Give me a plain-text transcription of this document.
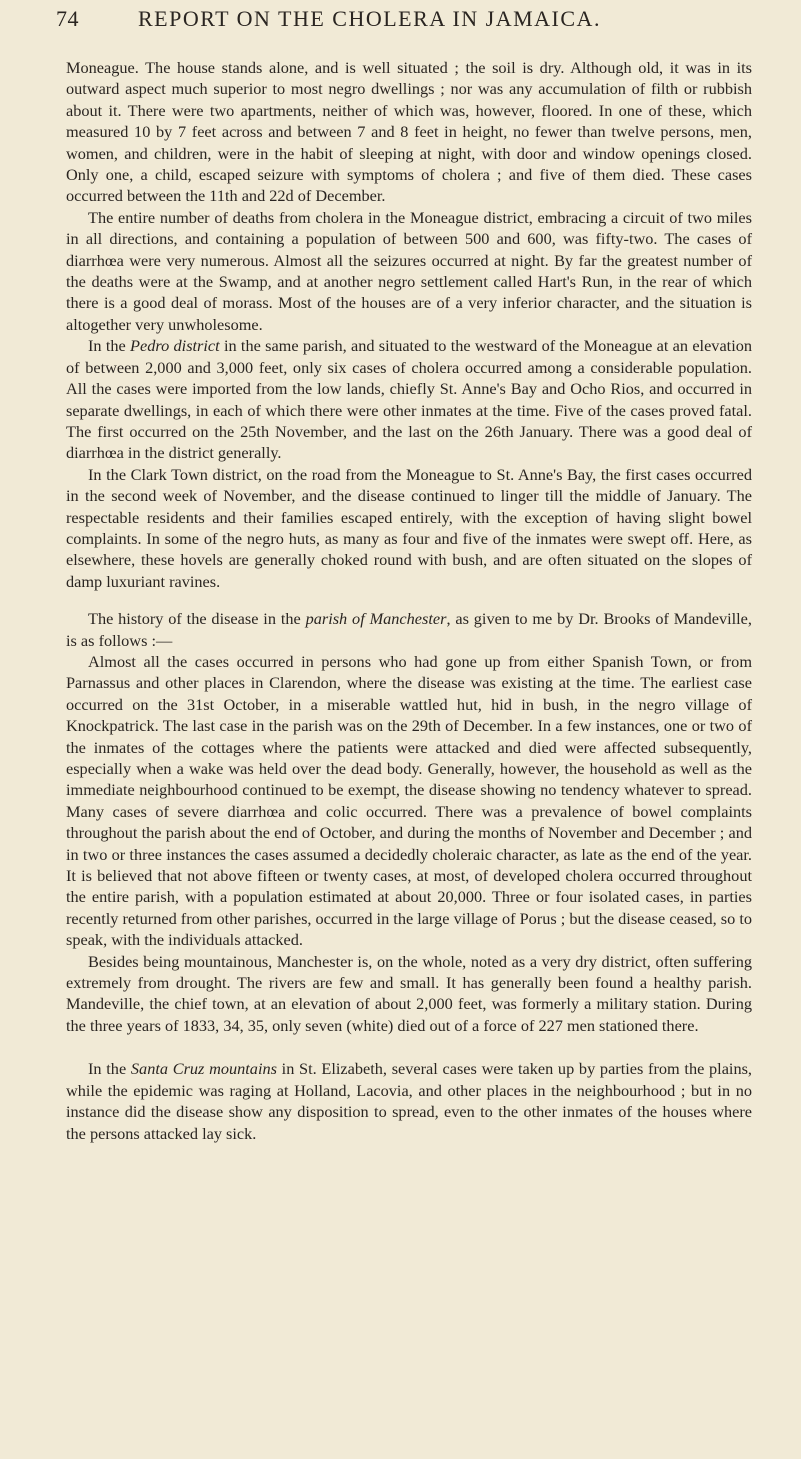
74	REPORT ON THE CHOLERA IN JAMAICA.

Moneague. The house stands alone, and is well situated ; the soil is dry. Although old, it was in its outward aspect much superior to most negro dwellings ; nor was any accumulation of filth or rubbish about it. There were two apartments, neither of which was, however, floored. In one of these, which measured 10 by 7 feet across and between 7 and 8 feet in height, no fewer than twelve persons, men, women, and children, were in the habit of sleeping at night, with door and window openings closed. Only one, a child, escaped seizure with symptoms of cholera ; and five of them died. These cases occurred between the 11th and 22d of December.

The entire number of deaths from cholera in the Moneague district, embracing a circuit of two miles in all directions, and containing a population of between 500 and 600, was fifty-two. The cases of diarrhœa were very numerous. Almost all the seizures occurred at night. By far the greatest number of the deaths were at the Swamp, and at another negro settlement called Hart's Run, in the rear of which there is a good deal of morass. Most of the houses are of a very inferior character, and the situation is altogether very unwholesome.

In the Pedro district in the same parish, and situated to the westward of the Moneague at an elevation of between 2,000 and 3,000 feet, only six cases of cholera occurred among a considerable population. All the cases were imported from the low lands, chiefly St. Anne's Bay and Ocho Rios, and occurred in separate dwellings, in each of which there were other inmates at the time. Five of the cases proved fatal. The first occurred on the 25th November, and the last on the 26th January. There was a good deal of diarrhœa in the district generally.

In the Clark Town district, on the road from the Moneague to St. Anne's Bay, the first cases occurred in the second week of November, and the disease continued to linger till the middle of January. The respectable residents and their families escaped entirely, with the exception of having slight bowel complaints. In some of the negro huts, as many as four and five of the inmates were swept off. Here, as elsewhere, these hovels are generally choked round with bush, and are often situated on the slopes of damp luxuriant ravines.

The history of the disease in the parish of Manchester, as given to me by Dr. Brooks of Mandeville, is as follows :—

Almost all the cases occurred in persons who had gone up from either Spanish Town, or from Parnassus and other places in Clarendon, where the disease was existing at the time. The earliest case occurred on the 31st October, in a miserable wattled hut, hid in bush, in the negro village of Knockpatrick. The last case in the parish was on the 29th of December. In a few instances, one or two of the inmates of the cottages where the patients were attacked and died were affected subsequently, especially when a wake was held over the dead body. Generally, however, the household as well as the immediate neighbourhood continued to be exempt, the disease showing no tendency whatever to spread. Many cases of severe diarrhœa and colic occurred. There was a prevalence of bowel complaints throughout the parish about the end of October, and during the months of November and December ; and in two or three instances the cases assumed a decidedly choleraic character, as late as the end of the year. It is believed that not above fifteen or twenty cases, at most, of developed cholera occurred throughout the entire parish, with a population estimated at about 20,000. Three or four isolated cases, in parties recently returned from other parishes, occurred in the large village of Porus ; but the disease ceased, so to speak, with the individuals attacked.

Besides being mountainous, Manchester is, on the whole, noted as a very dry district, often suffering extremely from drought. The rivers are few and small. It has generally been found a healthy parish. Mandeville, the chief town, at an elevation of about 2,000 feet, was formerly a military station. During the three years of 1833, 34, 35, only seven (white) died out of a force of 227 men stationed there.

In the Santa Cruz mountains in St. Elizabeth, several cases were taken up by parties from the plains, while the epidemic was raging at Holland, Lacovia, and other places in the neighbourhood ; but in no instance did the disease show any disposition to spread, even to the other inmates of the houses where the persons attacked lay sick.
